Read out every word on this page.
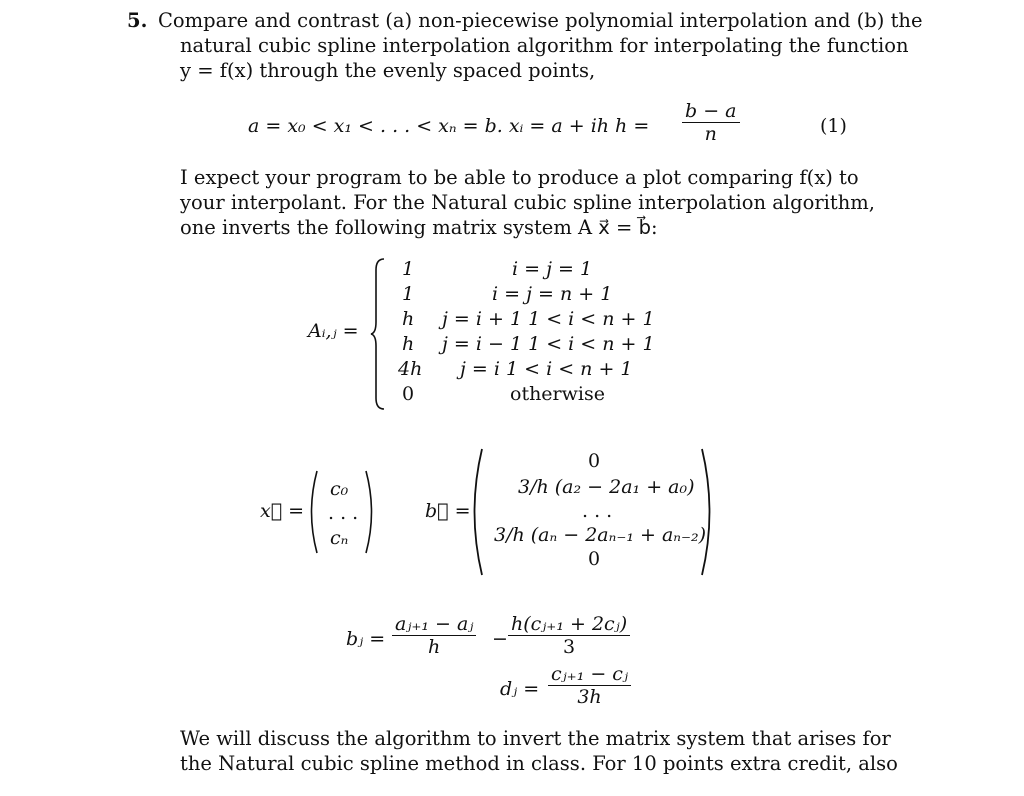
5. Compare and contrast (a) non-piecewise polynomial interpolation and (b) the
natural cubic spline interpolation algorithm for interpolating the function
y = f(x) through the evenly spaced points,
a = x₀ < x₁ < . . . < xₙ = b. xᵢ = a + ih $h = \frac{b - a}{n}$	(1)
I expect your program to be able to produce a plot comparing f(x) to
your interpolant. For the Natural cubic spline interpolation algorithm,
one inverts the following matrix system A x⃗ = b⃗:
Aᵢ,ⱼ =
1	i = j = 1
1	i = j = n + 1
h j = i + 1 1 < i < n + 1
h j = i − 1 1 < i < n + 1
4h j = i 1 < i < n + 1
0	otherwise
x⃗ =
c₀
. . .
cₙ
b⃗ =
0
3/h (a₂ − 2a₁ + a₀)
. . .
3/h (aₙ − 2aₙ₋₁ + aₙ₋₂)
0
bⱼ = $\frac{\text{aⱼ₊₁ − aⱼ}}{h} - \frac{\text{h(cⱼ₊₁ + 2cⱼ)}}{3}$
dⱼ = $\frac{\text{cⱼ₊₁ − cⱼ}}{3h}$
We will discuss the algorithm to invert the matrix system that arises for
the Natural cubic spline method in class. For 10 points extra credit, also
